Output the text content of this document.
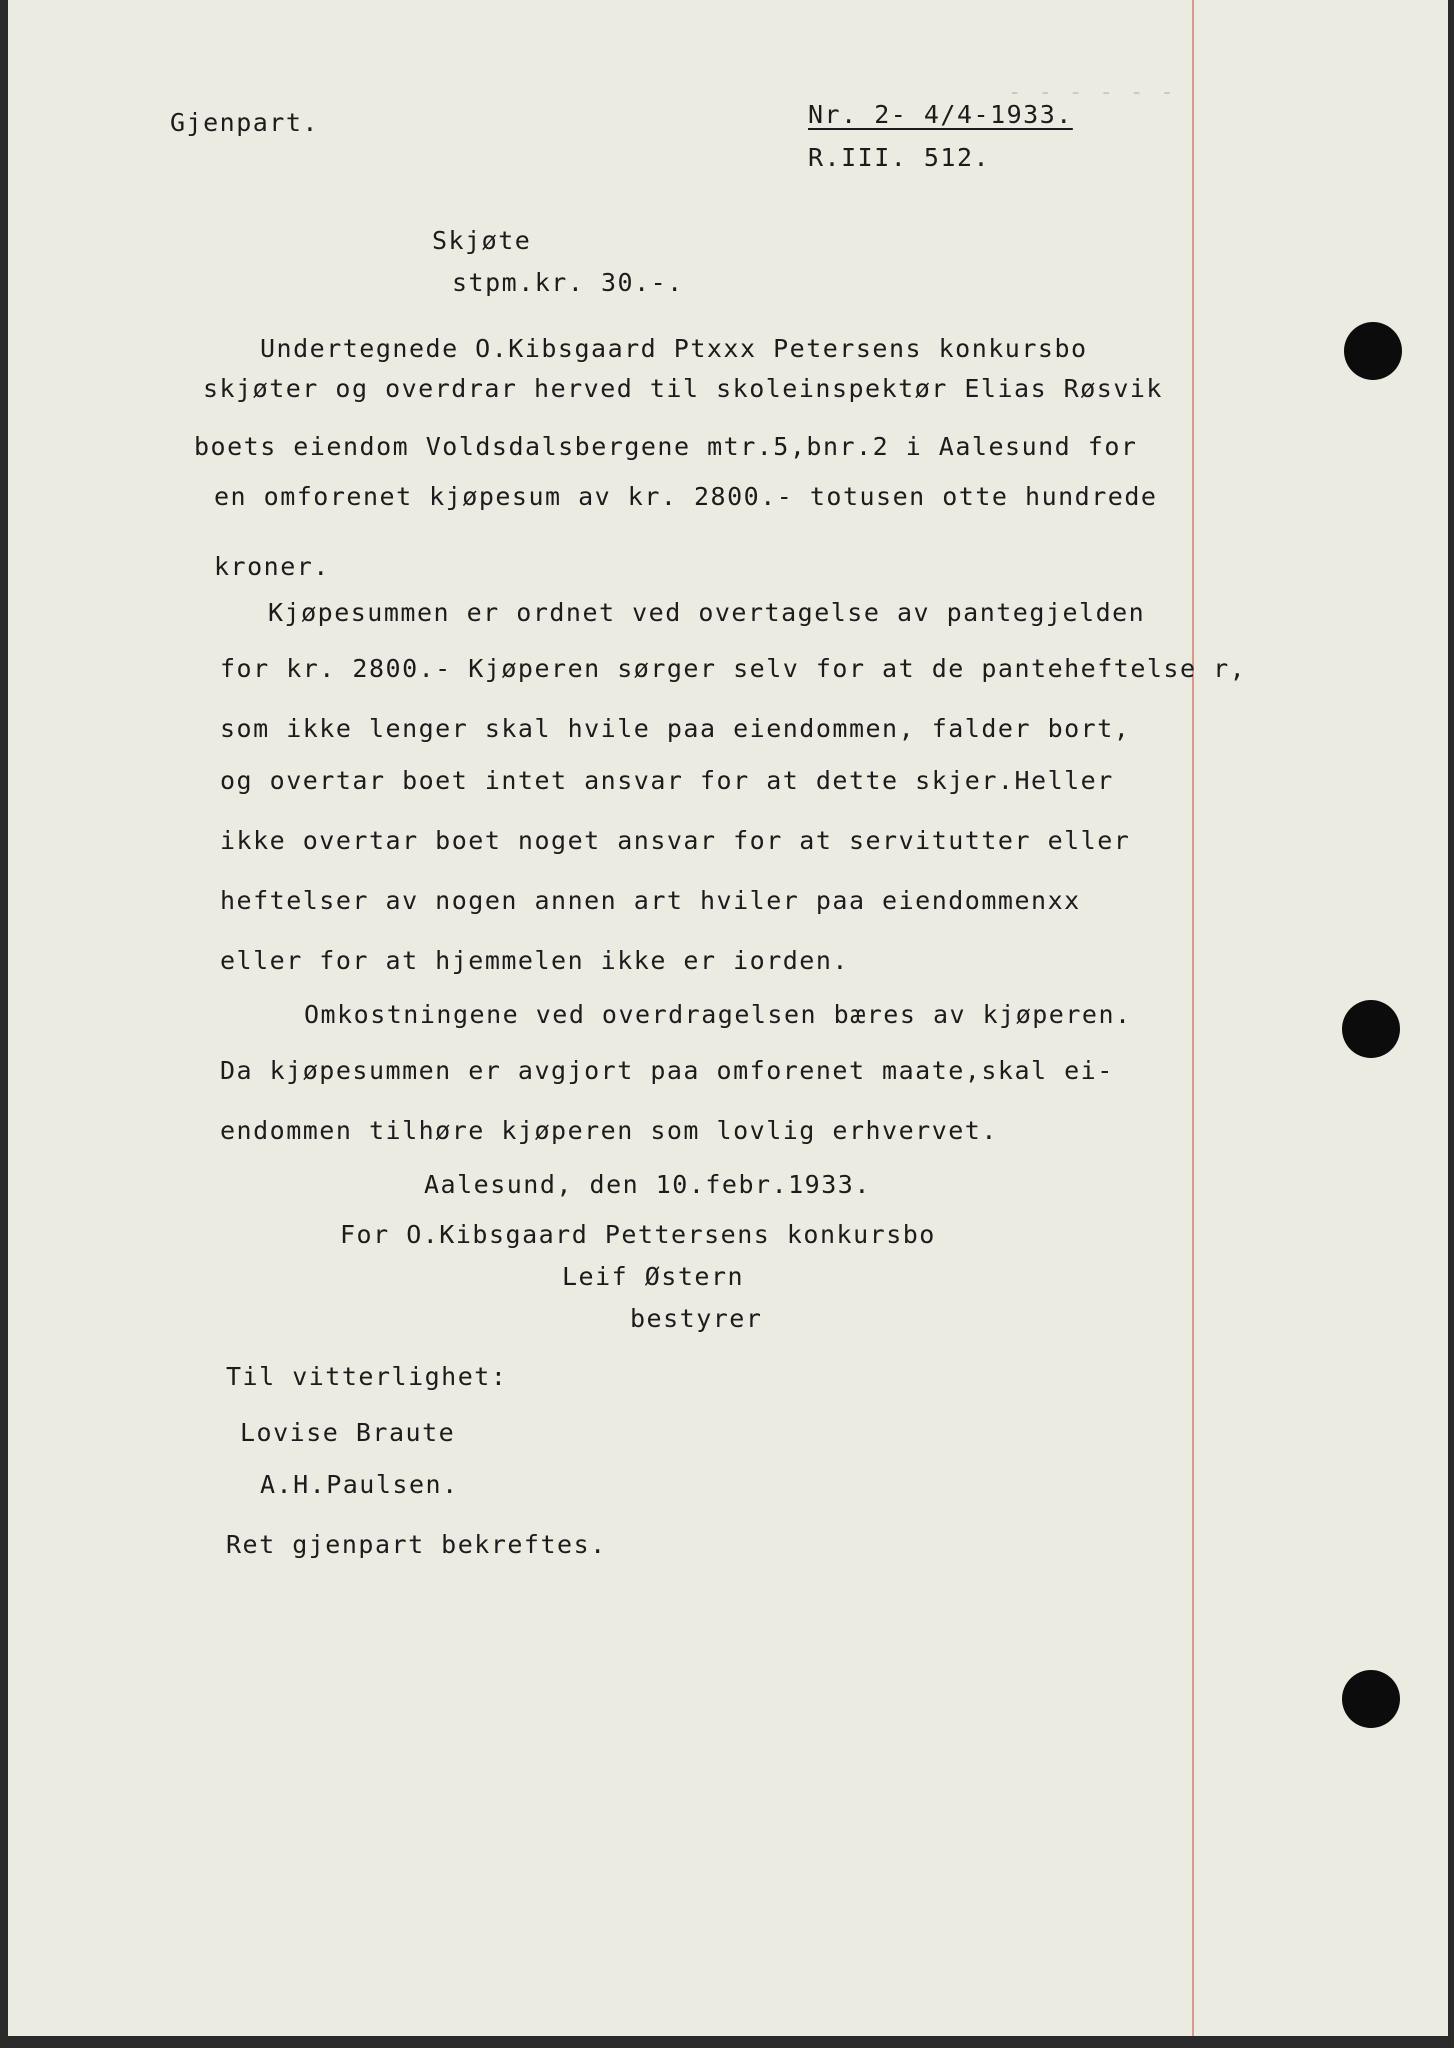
- - - - - -
Gjenpart.	Nr. 2- 4/4-1933.
R.III. 512.
Skjøte
stpm.kr. 30.-.
Undertegnede O.Kibsgaard Ptxxx Petersens konkursbo
skjøter og overdrar herved til skoleinspektør Elias Røsvik
boets eiendom Voldsdalsbergene mtr.5,bnr.2 i Aalesund for
en omforenet kjøpesum av kr. 2800.- totusen otte hundrede
kroner.
Kjøpesummen er ordnet ved overtagelse av pantegjelden
for kr. 2800.- Kjøperen sørger selv for at de panteheftelse r,
som ikke lenger skal hvile paa eiendommen, falder bort,
og overtar boet intet ansvar for at dette skjer.Heller
ikke overtar boet noget ansvar for at servitutter eller
heftelser av nogen annen art hviler paa eiendommenxx
eller for at hjemmelen ikke er iorden.
Omkostningene ved overdragelsen bæres av kjøperen.
Da kjøpesummen er avgjort paa omforenet maate,skal ei-
endommen tilhøre kjøperen som lovlig erhvervet.
Aalesund, den 10.febr.1933.
For O.Kibsgaard Pettersens konkursbo
Leif Østern
bestyrer
Til vitterlighet:
Lovise Braute
A.H.Paulsen.
Ret gjenpart bekreftes.
